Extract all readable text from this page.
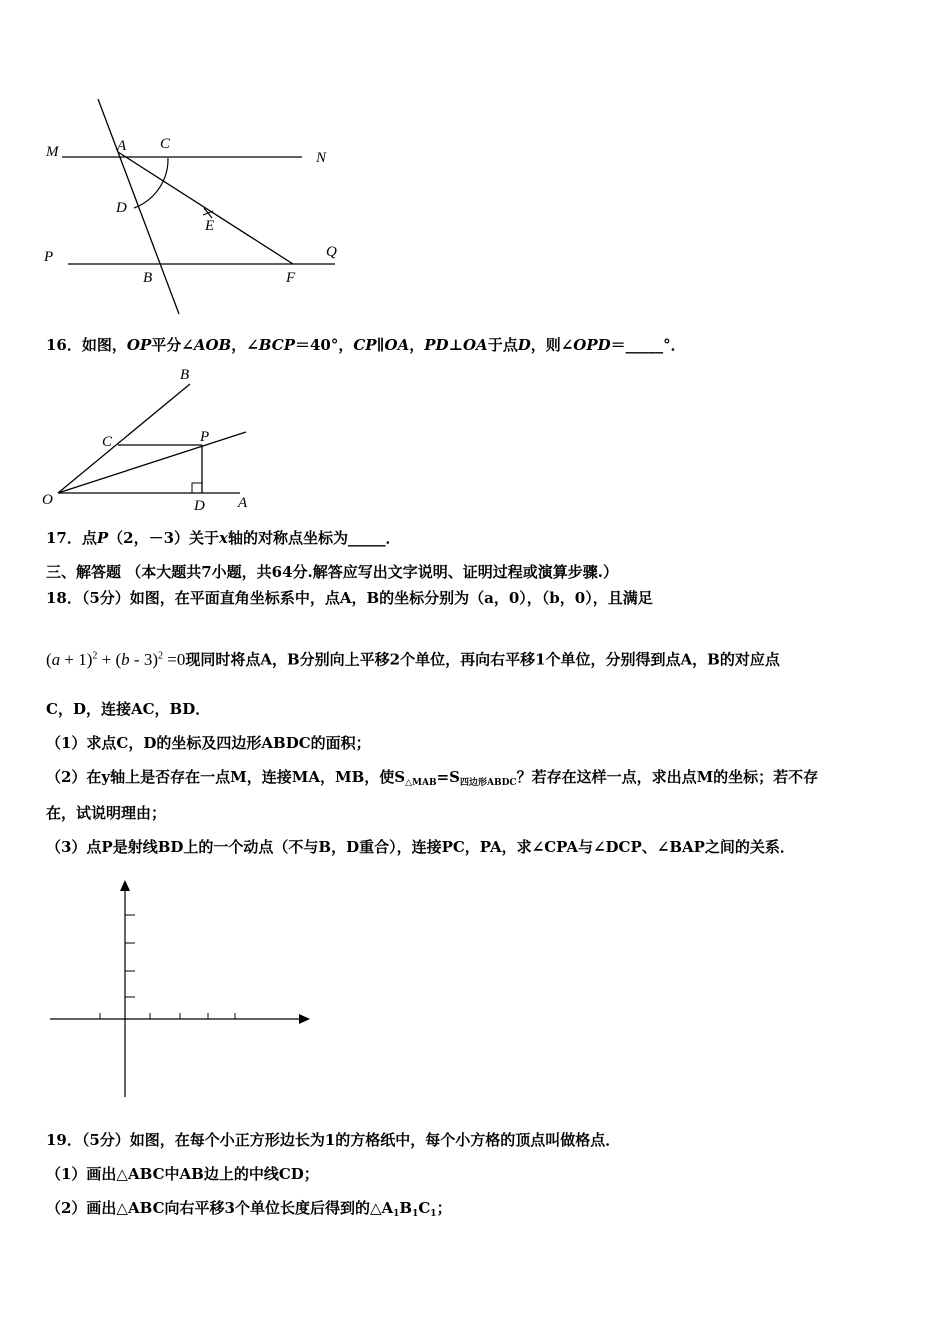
M	A C
N
D
E
P	Q
B	F
16．如图，OP平分∠AOB，∠BCP＝40°，CP∥OA，PD⊥OA于点D，则∠OPD＝_____°．
B
C	P
O	D A
17．点P（2，－3）关于x轴的对称点坐标为_____．
三、解答题 （本大题共7小题，共64分.解答应写出文字说明、证明过程或演算步骤.）
18．（5分）如图，在平面直角坐标系中，点A，B的坐标分别为（a，0），（b，0），且满足
$(a + 1)^2 + (b - 3)^2 =0$现同时将点A，B分别向上平移2个单位，再向右平移1个单位，分别得到点A，B的对应点
C，D，连接AC，BD．
（1）求点C，D的坐标及四边形ABDC的面积；
（2）在y轴上是否存在一点M，连接MA，MB，使$S_{\triangle MAB}=S_{四边形ABDC}$？若存在这样一点，求出点M的坐标；若不存
在，试说明理由；
（3）点P是射线BD上的一个动点（不与B，D重合），连接PC，PA，求∠CPA与∠DCP、∠BAP之间的关系．
19．（5分）如图，在每个小正方形边长为1的方格纸中，每个小方格的顶点叫做格点．
（1）画出△ABC中AB边上的中线CD；
（2）画出△ABC向右平移3个单位长度后得到的$\triangle A_1B_1C_1$；
